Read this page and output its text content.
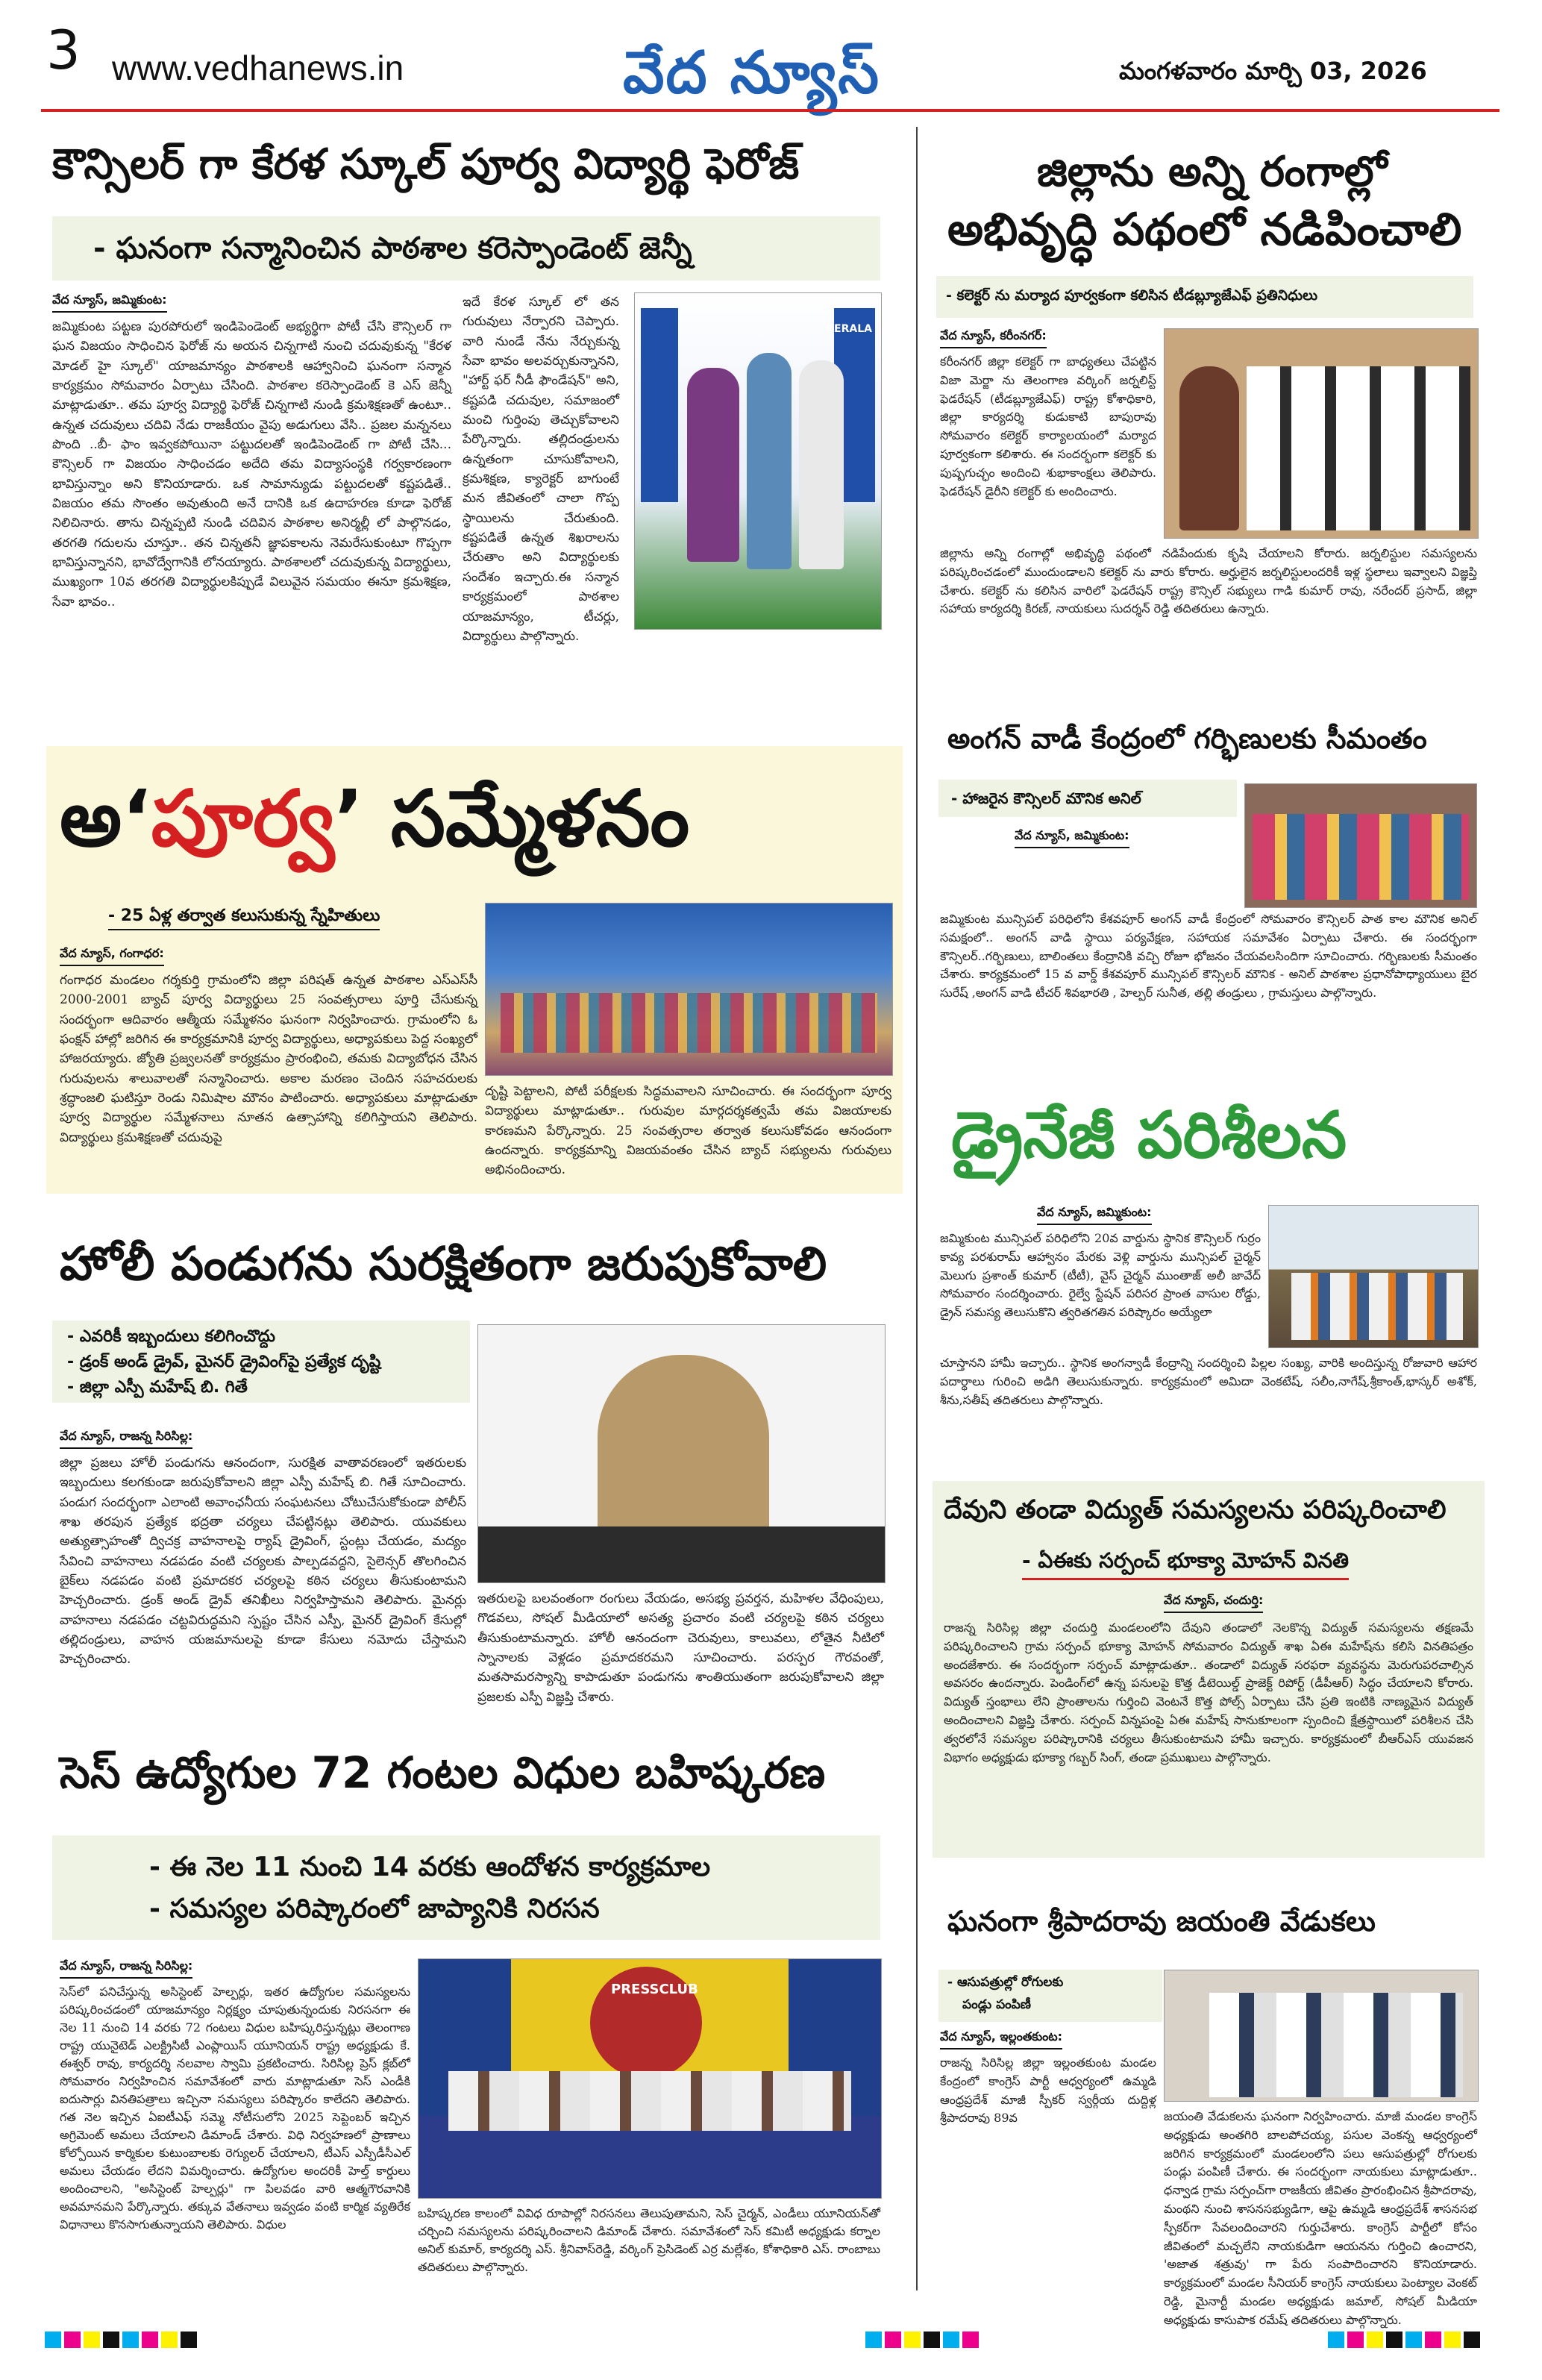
3 www.vedhanews.in	వేద న్యూస్	మంగళవారం మార్చి 03, 2026
కౌన్సిలర్ గా కేరళ స్కూల్ పూర్వ విద్యార్థి ఫెరోజ్
- ఘనంగా సన్మానించిన పాఠశాల కరెస్పాండెంట్ జెన్నీ
వేద న్యూస్, జమ్మికుంట:
జమ్మికుంట పట్టణ పురపోరులో ఇండిపెండెంట్ అభ్యర్థిగా పోటీ చేసి కౌన్సిలర్ గా ఘన విజయం సాధించిన ఫెరోజ్ ను అయన చిన్నగాటి నుంచి చదువుకున్న "కేరళ మోడల్ హై స్కూల్" యాజమాన్యం పాఠశాలకి ఆహ్వానించి ఘనంగా సన్మాన కార్యక్రమం సోమవారం ఏర్పాటు చేసింది. పాఠశాల కరెస్పాండెంట్ కె ఎస్ జెన్నీ మాట్లాడుతూ.. తమ పూర్వ విద్యార్థి ఫెరోజ్ చిన్నగాటి నుండి క్రమశిక్షణతో ఉంటూ.. ఉన్నత చదువులు చదివి నేడు రాజకీయం వైపు అడుగులు వేసి.. ప్రజల మన్ననలు పొంది ..బీ- ఫాం ఇవ్వకపోయినా పట్టుదలతో ఇండిపెండెంట్ గా పోటీ చేసి... కౌన్సిలర్ గా విజయం సాధించడం అదేది తమ విద్యాసంస్థకి గర్వకారణంగా భావిస్తున్నాం అని కొనియాడారు. ఒక సామాన్యుడు పట్టుదలతో కష్టపడితే.. విజయం తమ సొంతం అవుతుంది అనే దానికి ఒక ఉదాహరణ కూడా ఫెరోజ్ నిలిచినారు. తాను చిన్నప్పటి నుండి చదివిన పాఠశాల అనిర్మల్లీ లో పాల్గొనడం, తరగతి గదులను చూస్తూ.. తన చిన్నతనీ జ్ఞాపకాలను నెమరేసుకుంటూ గొప్పగా భావిస్తున్నానని, భావోద్వేగానికి లోనయ్యారు. పాఠశాలలో చదువుకున్న విద్యార్థులు, ముఖ్యంగా 10వ తరగతి విద్యార్థులకిప్పుడే విలువైన సమయం ఈనూ క్రమశిక్షణ, సేవా భావం..
ఇదే కేరళ స్కూల్ లో తన గురువులు నేర్పారని చెప్పారు. వారి నుండే నేను నేర్చుకున్న సేవా భావం అలవర్చుకున్నానని, "హార్ట్ ఫర్ నీడీ ఫౌండేషన్" అని, కష్టపడి చదువుల, సమాజంలో మంచి గుర్తింపు తెచ్చుకోవాలని పేర్కొన్నారు. తల్లిదండ్రులను ఉన్నతంగా చూసుకోవాలని, క్రమశిక్షణ, క్యారెక్టర్ బాగుంటే మన జీవితంలో చాలా గొప్ప స్థాయిలను చేరుతుంది. కష్టపడితే ఉన్నత శిఖరాలను చేరుతాం అని విద్యార్థులకు సందేశం ఇచ్చారు.ఈ సన్మాన కార్యక్రమంలో పాఠశాల యాజమాన్యం, టీచర్లు, విద్యార్థులు పాల్గొన్నారు.
KERALA
అ‘పూర్వ’ సమ్మేళనం
- 25 ఏళ్ల తర్వాత కలుసుకున్న స్నేహితులు
వేద న్యూస్, గంగాధర:
గంగాధర మండలం గర్శకుర్తి గ్రామంలోని జిల్లా పరిషత్ ఉన్నత పాఠశాల ఎస్ఎస్‌సీ 2000-2001 బ్యాచ్ పూర్వ విద్యార్థులు 25 సంవత్సరాలు పూర్తి చేసుకున్న సందర్భంగా ఆదివారం ఆత్మీయ సమ్మేళనం ఘనంగా నిర్వహించారు. గ్రామంలోని ఓ ఫంక్షన్ హాల్లో జరిగిన ఈ కార్యక్రమానికి పూర్వ విద్యార్థులు, అధ్యాపకులు పెద్ద సంఖ్యలో హాజరయ్యారు. జ్యోతి ప్రజ్వలనతో కార్యక్రమం ప్రారంభించి, తమకు విద్యాబోధన చేసిన గురువులను శాలువాలతో సన్మానించారు. అకాల మరణం చెందిన సహచరులకు శ్రద్ధాంజలి ఘటిస్తూ రెండు నిమిషాల మౌనం పాటించారు. అధ్యాపకులు మాట్లాడుతూ పూర్వ విద్యార్థుల సమ్మేళనాలు నూతన ఉత్సాహాన్ని కలిగిస్తాయని తెలిపారు. విద్యార్థులు క్రమశిక్షణతో చదువుపై
దృష్టి పెట్టాలని, పోటీ పరీక్షలకు సిద్ధమవాలని సూచించారు. ఈ సందర్భంగా పూర్వ విద్యార్థులు మాట్లాడుతూ.. గురువుల మార్గదర్శకత్వమే తమ విజయాలకు కారణమని పేర్కొన్నారు. 25 సంవత్సరాల తర్వాత కలుసుకోవడం ఆనందంగా ఉందన్నారు. కార్యక్రమాన్ని విజయవంతం చేసిన బ్యాచ్ సభ్యులను గురువులు అభినందించారు.
హోలీ పండుగను సురక్షితంగా జరుపుకోవాలి
- ఎవరికీ ఇబ్బందులు కలిగించొద్దు
- డ్రంక్ అండ్ డ్రైవ్, మైనర్ డ్రైవింగ్‌పై ప్రత్యేక దృష్టి
- జిల్లా ఎస్పీ మహేష్ బి. గితే
వేద న్యూస్, రాజన్న సిరిసిల్ల:
జిల్లా ప్రజలు హోలీ పండుగను ఆనందంగా, సురక్షిత వాతావరణంలో ఇతరులకు ఇబ్బందులు కలగకుండా జరుపుకోవాలని జిల్లా ఎస్పీ మహేష్ బి. గితే సూచించారు. పండుగ సందర్భంగా ఎలాంటి అవాంఛనీయ సంఘటనలు చోటుచేసుకోకుండా పోలీస్ శాఖ తరపున ప్రత్యేక భద్రతా చర్యలు చేపట్టినట్లు తెలిపారు. యువకులు అత్యుత్సాహంతో ద్విచక్ర వాహనాలపై ర్యాష్ డ్రైవింగ్, స్టంట్లు చేయడం, మద్యం సేవించి వాహనాలు నడపడం వంటి చర్యలకు పాల్పడవద్దని, సైలెన్సర్ తొలగించిన బైక్‌లు నడపడం వంటి ప్రమాదకర చర్యలపై కఠిన చర్యలు తీసుకుంటామని హెచ్చరించారు. డ్రంక్ అండ్ డ్రైవ్ తనిఖీలు నిర్వహిస్తామని తెలిపారు. మైనర్లు వాహనాలు నడపడం చట్టవిరుద్ధమని స్పష్టం చేసిన ఎస్పీ, మైనర్ డ్రైవింగ్ కేసుల్లో తల్లిదండ్రులు, వాహన యజమానులపై కూడా కేసులు నమోదు చేస్తామని హెచ్చరించారు.
ఇతరులపై బలవంతంగా రంగులు వేయడం, అసభ్య ప్రవర్తన, మహిళల వేధింపులు, గొడవలు, సోషల్ మీడియాలో అసత్య ప్రచారం వంటి చర్యలపై కఠిన చర్యలు తీసుకుంటామన్నారు. హోలీ ఆనందంగా చెరువులు, కాలువలు, లోతైన నీటిలో స్నానాలకు వెళ్లడం ప్రమాదకరమని సూచించారు. పరస్పర గౌరవంతో, మతసామరస్యాన్ని కాపాడుతూ పండుగను శాంతియుతంగా జరుపుకోవాలని జిల్లా ప్రజలకు ఎస్పీ విజ్ఞప్తి చేశారు.
సెస్ ఉద్యోగుల 72 గంటల విధుల బహిష్కరణ
- ఈ నెల 11 నుంచి 14 వరకు ఆందోళన కార్యక్రమాల
- సమస్యల పరిష్కారంలో జాప్యానికి నిరసన
వేద న్యూస్, రాజన్న సిరిసిల్ల:
సెస్‌లో పనిచేస్తున్న అసిస్టెంట్ హెల్పర్లు, ఇతర ఉద్యోగుల సమస్యలను పరిష్కరించడంలో యాజమాన్యం నిర్లక్ష్యం చూపుతున్నందుకు నిరసనగా ఈ నెల 11 నుంచి 14 వరకు 72 గంటలు విధుల బహిష్కరిస్తున్నట్లు తెలంగాణ రాష్ట్ర యునైటెడ్ ఎలక్ట్రిసిటీ ఎంప్లాయిస్ యూనియన్ రాష్ట్ర అధ్యక్షుడు కే. ఈశ్వర్ రావు, కార్యదర్శి నలవాల స్వామి ప్రకటించారు. సిరిసిల్ల ప్రెస్ క్లబ్‌లో సోమవారం నిర్వహించిన సమావేశంలో వారు మాట్లాడుతూ సెస్ ఎండీకి ఐదుసార్లు వినతిపత్రాలు ఇచ్చినా సమస్యలు పరిష్కారం కాలేదని తెలిపారు. గత నెల ఇచ్చిన ఏఐటీఎఫ్ సమ్మె నోటీసులోని 2025 సెప్టెంబర్ ఇచ్చిన అగ్రిమెంట్ అమలు చేయాలని డిమాండ్ చేశారు. విధి నిర్వహణలో ప్రాణాలు కోల్పోయిన కార్మికుల కుటుంబాలకు రెగ్యులర్ చేయాలని, టీఎస్ ఎస్పీడీసీఎల్ అమలు చేయడం లేదని విమర్శించారు. ఉద్యోగుల అందరికీ హెల్త్ కార్డులు అందించాలని, "అసిస్టెంట్ హెల్పర్లు" గా పిలవడం వారి ఆత్మగౌరవానికి అవమానమని పేర్కొన్నారు. తక్కువ వేతనాలు ఇవ్వడం వంటి కార్మిక వ్యతిరేక విధానాలు కొనసాగుతున్నాయని తెలిపారు. విధుల
PRESSCLUB
బహిష్కరణ కాలంలో వివిధ రూపాల్లో నిరసనలు తెలుపుతామని, సెస్ చైర్మన్, ఎండీలు యూనియన్‌తో చర్చించి సమస్యలను పరిష్కరించాలని డిమాండ్ చేశారు. సమావేశంలో సెస్ కమిటీ అధ్యక్షుడు కర్నాల అనిల్ కుమార్, కార్యదర్శి ఎస్. శ్రీనివాస్‌రెడ్డి, వర్కింగ్ ప్రెసిడెంట్ ఎర్ర మల్లేశం, కోశాధికారి ఎస్. రాంబాబు తదితరులు పాల్గొన్నారు.
జిల్లాను అన్ని రంగాల్లో
అభివృద్ధి పథంలో నడిపించాలి
- కలెక్టర్ ను మర్యాద పూర్వకంగా కలిసిన టీడబ్ల్యూజేఎఫ్ ప్రతినిధులు
వేద న్యూస్, కరీంనగర్:
కరీంనగర్ జిల్లా కలెక్టర్ గా బాధ్యతలు చేపట్టిన విజా మెర్జా ను తెలంగాణ వర్కింగ్ జర్నలిస్ట్ ఫెడరేషన్ (టీడబ్ల్యూజేఎఫ్) రాష్ట్ర కోశాధికారి, జిల్లా కార్యదర్శి కుడుకాటి బాపురావు సోమవారం కలెక్టర్ కార్యాలయంలో మర్యాద పూర్వకంగా కలిశారు. ఈ సందర్భంగా కలెక్టర్ కు పుష్పగుచ్ఛం అందించి శుభాకాంక్షలు తెలిపారు. ఫెడరేషన్ డైరీని కలెక్టర్ కు అందించారు.
జిల్లాను అన్ని రంగాల్లో అభివృద్ధి పథంలో నడిపేందుకు కృషి చేయాలని కోరారు. జర్నలిస్టుల సమస్యలను పరిష్కరించడంలో ముందుండాలని కలెక్టర్ ను వారు కోరారు. అర్హులైన జర్నలిస్టులందరికీ ఇళ్ల స్థలాలు ఇవ్వాలని విజ్ఞప్తి చేశారు. కలెక్టర్ ను కలిసిన వారిలో ఫెడరేషన్ రాష్ట్ర కౌన్సిల్ సభ్యులు గాడి కుమార్ రావు, నరేందర్ ప్రసాద్, జిల్లా సహాయ కార్యదర్శి కిరణ్, నాయకులు సుదర్శన్ రెడ్డి తదితరులు ఉన్నారు.
అంగన్ వాడీ కేంద్రంలో గర్భిణులకు సీమంతం
- హాజరైన కౌన్సిలర్ మౌనిక అనిల్
వేద న్యూస్, జమ్మికుంట:
జమ్మికుంట మున్సిపల్ పరిధిలోని కేశవపూర్ అంగన్ వాడీ కేంద్రంలో సోమవారం కౌన్సిలర్ పాత కాల మౌనిక అనిల్ సమక్షంలో.. అంగన్ వాడి స్థాయి పర్యవేక్షణ, సహాయక సమావేశం ఏర్పాటు చేశారు. ఈ సందర్భంగా కౌన్సిలర్..గర్భిణులు, బాలింతలు కేంద్రానికి వచ్చి రోజూ భోజనం చేయవలసిందిగా సూచించారు. గర్భిణులకు సీమంతం చేశారు. కార్యక్రమంలో 15 వ వార్డ్ కేశవపూర్ మున్సిపల్ కౌన్సిలర్ మౌనిక - అనిల్ పాఠశాల ప్రధానోపాధ్యాయులు బైర సురేష్ ,అంగన్ వాడి టీచర్ శివభారతి , హెల్పర్ సునీత, తల్లి తండ్రులు , గ్రామస్తులు పాల్గొన్నారు.
డ్రైనేజీ పరిశీలన
వేద న్యూస్, జమ్మికుంట:
జమ్మికుంట మున్సిపల్ పరిధిలోని 20వ వార్డును స్థానిక కౌన్సిలర్ గుర్రం కావ్య పరశురామ్ ఆహ్వానం మేరకు వెళ్లి వార్డును మున్సిపల్ చైర్మన్ మెలుగు ప్రశాంత్ కుమార్ (టీటీ), వైస్ చైర్మన్ ముంతాజ్ అలీ జావేద్ సోమవారం సందర్శించారు. రైల్వే స్టేషన్ పరిసర ప్రాంత వాసుల రోడ్డు, డ్రైన్ సమస్య తెలుసుకొని త్వరితగతిన పరిష్కారం అయ్యేలా
చూస్తానని హామీ ఇచ్చారు.. స్థానిక అంగన్వాడీ కేంద్రాన్ని సందర్శించి పిల్లల సంఖ్య, వారికి అందిస్తున్న రోజువారి ఆహార పదార్థాలు గురించి అడిగి తెలుసుకున్నారు. కార్యక్రమంలో అమిదా వెంకటేష్, సలీం,నాగేష్,శ్రీకాంత్,భాస్కర్ అశోక్, శీను,సతీష్ తదితరులు పాల్గొన్నారు.
దేవుని తండా విద్యుత్ సమస్యలను పరిష్కరించాలి
- ఏఈకు సర్పంచ్ భూక్యా మోహన్ వినతి
వేద న్యూస్, చందుర్తి:
రాజన్న సిరిసిల్ల జిల్లా చందుర్తి మండలంలోని దేవుని తండాలో నెలకొన్న విద్యుత్ సమస్యలను తక్షణమే పరిష్కరించాలని గ్రామ సర్పంచ్ భూక్యా మోహన్ సోమవారం విద్యుత్ శాఖ ఏఈ మహేష్‌ను కలిసి వినతిపత్రం అందజేశారు. ఈ సందర్భంగా సర్పంచ్ మాట్లాడుతూ.. తండాలో విద్యుత్ సరఫరా వ్యవస్థను మెరుగుపరచాల్సిన అవసరం ఉందన్నారు. పెండింగ్‌లో ఉన్న పనులపై కొత్త డీటెయిల్డ్ ప్రాజెక్ట్ రిపోర్ట్ (డీపీఆర్) సిద్ధం చేయాలని కోరారు. విద్యుత్ స్తంభాలు లేని ప్రాంతాలను గుర్తించి వెంటనే కొత్త పోల్స్ ఏర్పాటు చేసి ప్రతి ఇంటికి నాణ్యమైన విద్యుత్ అందించాలని విజ్ఞప్తి చేశారు. సర్పంచ్ విన్నపంపై ఏఈ మహేష్ సానుకూలంగా స్పందించి క్షేత్రస్థాయిలో పరిశీలన చేసి త్వరలోనే సమస్యల పరిష్కారానికి చర్యలు తీసుకుంటామని హామీ ఇచ్చారు. కార్యక్రమంలో బీఆర్ఎస్ యువజన విభాగం అధ్యక్షుడు భూక్యా గబ్బర్ సింగ్, తండా ప్రముఖులు పాల్గొన్నారు.
ఘనంగా శ్రీపాదరావు జయంతి వేడుకలు
- ఆసుపత్రుల్లో రోగులకు
పండ్లు పంపిణీ
వేద న్యూస్, ఇల్లంతకుంట:
రాజన్న సిరిసిల్ల జిల్లా ఇల్లంతకుంట మండల కేంద్రంలో కాంగ్రెస్ పార్టీ ఆధ్వర్యంలో ఉమ్మడి ఆంధ్రప్రదేశ్ మాజీ స్పీకర్ స్వర్గీయ దుద్దిళ్ల శ్రీపాదరావు 89వ	జయంతి వేడుకలను ఘనంగా నిర్వహించారు. మాజీ మండల కాంగ్రెస్ అధ్యక్షుడు అంతగిరి బాలపోచయ్య, పసుల వెంకన్న ఆధ్వర్యంలో జరిగిన కార్యక్రమంలో మండలంలోని పలు ఆసుపత్రుల్లో రోగులకు పండ్లు పంపిణీ చేశారు. ఈ సందర్భంగా నాయకులు మాట్లాడుతూ.. ధన్వాడ గ్రామ సర్పంచ్‌గా రాజకీయ జీవితం ప్రారంభించిన శ్రీపాదరావు, మంథని నుంచి శాసనసభ్యుడిగా, ఆపై ఉమ్మడి ఆంధ్రప్రదేశ్ శాసనసభ స్పీకర్‌గా సేవలందించారని గుర్తుచేశారు. కాంగ్రెస్ పార్టీలో కోసం జీవితంలో మచ్చలేని నాయకుడిగా ఆయనను గుర్తించి ఉంచారని, 'అజాత శత్రువు' గా పేరు సంపాదించారని కొనియాడారు. కార్యక్రమంలో మండల సీనియర్ కాంగ్రెస్ నాయకులు పెంట్యాల వెంకట్ రెడ్డి, మైనార్టీ మండల అధ్యక్షుడు జమాల్, సోషల్ మీడియా అధ్యక్షుడు కాసుపాక రమేష్ తదితరులు పాల్గొన్నారు.
